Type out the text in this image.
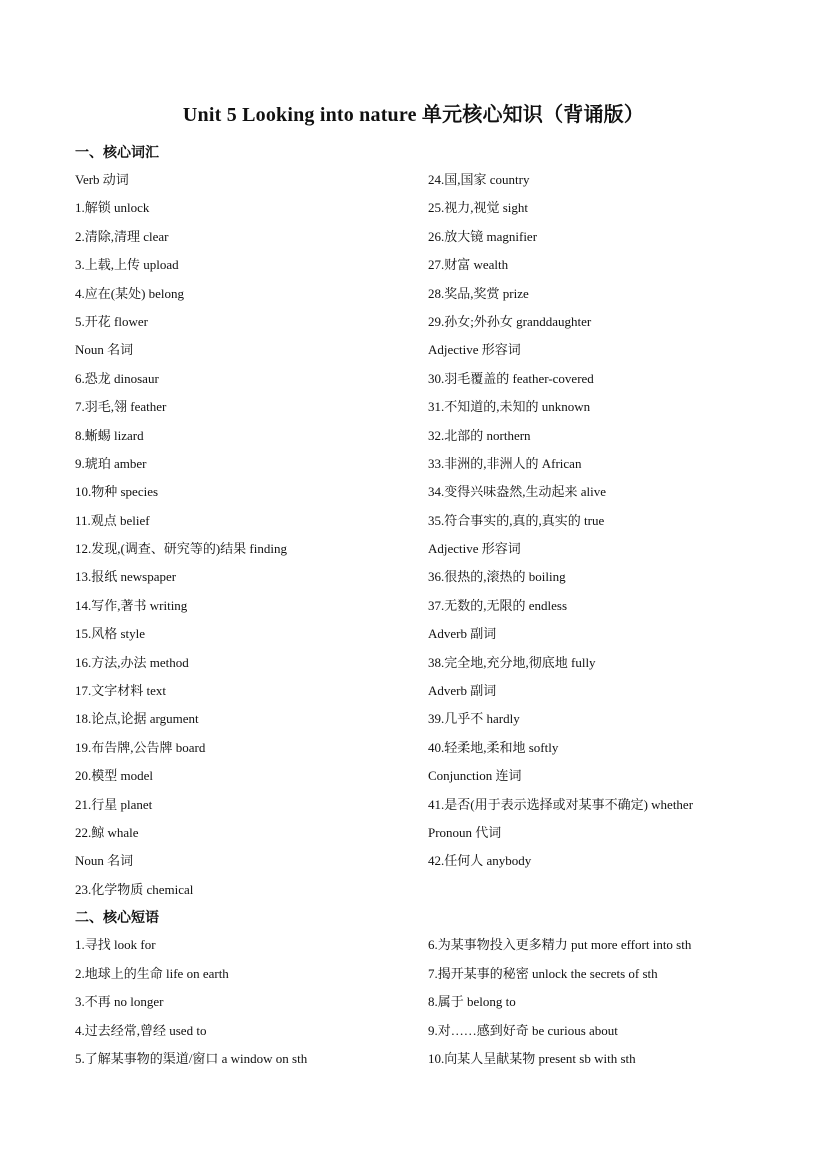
Unit 5 Looking into nature 单元核心知识（背诵版）
一、核心词汇
Verb 动词
1.解锁 unlock
2.清除,清理 clear
3.上载,上传 upload
4.应在(某处) belong
5.开花 flower
Noun 名词
6.恐龙 dinosaur
7.羽毛,翎 feather
8.蜥蜴 lizard
9.琥珀 amber
10.物种 species
11.观点 belief
12.发现,(调查、研究等的)结果 finding
13.报纸 newspaper
14.写作,著书 writing
15.风格 style
16.方法,办法 method
17.文字材料 text
18.论点,论据 argument
19.布告牌,公告牌 board
20.模型 model
21.行星 planet
22.鲸 whale
Noun 名词
23.化学物质 chemical
24.国,国家 country
25.视力,视觉 sight
26.放大镜 magnifier
27.财富 wealth
28.奖品,奖赏 prize
29.孙女;外孙女 granddaughter
Adjective 形容词
30.羽毛覆盖的 feather-covered
31.不知道的,未知的 unknown
32.北部的 northern
33.非洲的,非洲人的 African
34.变得兴味盎然,生动起来 alive
35.符合事实的,真的,真实的 true
Adjective 形容词
36.很热的,滚热的 boiling
37.无数的,无限的 endless
Adverb 副词
38.完全地,充分地,彻底地 fully
Adverb 副词
39.几乎不 hardly
40.轻柔地,柔和地 softly
Conjunction 连词
41.是否(用于表示选择或对某事不确定) whether
Pronoun 代词
42.任何人 anybody
二、核心短语
1.寻找 look for
2.地球上的生命 life on earth
3.不再 no longer
4.过去经常,曾经 used to
5.了解某事物的渠道/窗口 a window on sth
6.为某事物投入更多精力 put more effort into sth
7.揭开某事的秘密 unlock the secrets of sth
8.属于 belong to
9.对……感到好奇 be curious about
10.向某人呈献某物 present sb with sth
